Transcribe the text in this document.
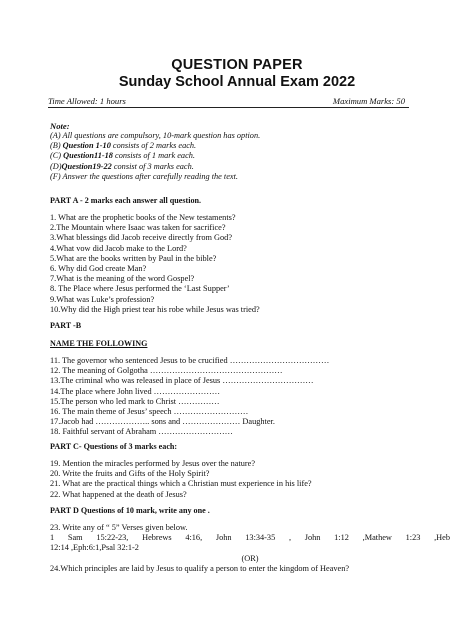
QUESTION PAPER
Sunday School Annual Exam 2022
Time Allowed: 1 hours	Maximum Marks: 50
Note:
(A) All questions are compulsory, 10-mark question has option.
(B) Question 1-10 consists of 2 marks each.
(C) Question11-18 consists of 1 mark each.
(D)Question19-22 consist of 3 marks each.
(F) Answer the questions after carefully reading the text.
PART A - 2 marks each answer all question.
1. What are the prophetic books of the New testaments?
2.The Mountain where Isaac was taken for sacrifice?
3.What blessings did Jacob receive directly from God?
4.What vow did Jacob make to the Lord?
5.What are the books written by Paul in the bible?
6. Why did God create Man?
7.What is the meaning of the word Gospel?
8. The Place where Jesus performed the ‘Last Supper’
9.What was Luke’s profession?
10.Why did the High priest tear his robe while Jesus was tried?
PART -B
NAME THE FOLLOWING
11. The governor who sentenced Jesus to be crucified ………………………………
12. The meaning of Golgotha …………………………………………
13.The criminal who was released in place of Jesus ……………………………
14.The place where John lived ……………………
15.The person who led mark to Christ ……………
16. The main theme of Jesus’ speech ………………………
17.Jacob had ……………….. sons and ………………… Daughter.
18. Faithful servant of Abraham ………………………
PART C- Questions of 3 marks each:
19. Mention the miracles performed by Jesus over the nature?
20. Write the fruits and Gifts of the Holy Spirit?
21. What are the practical things which a Christian must experience in his life?
22. What happened at the death of Jesus?
PART D Questions of 10 mark, write any one .
23. Write any of “ 5” Verses given below.
1 Sam 15:22-23, Hebrews 4:16, John 13:34-35 , John 1:12 ,Mathew 1:23 ,Heb
12:14 ,Eph:6:1,Psal 32:1-2
(OR)
24.Which principles are laid by Jesus to qualify a person to enter the kingdom of Heaven?
